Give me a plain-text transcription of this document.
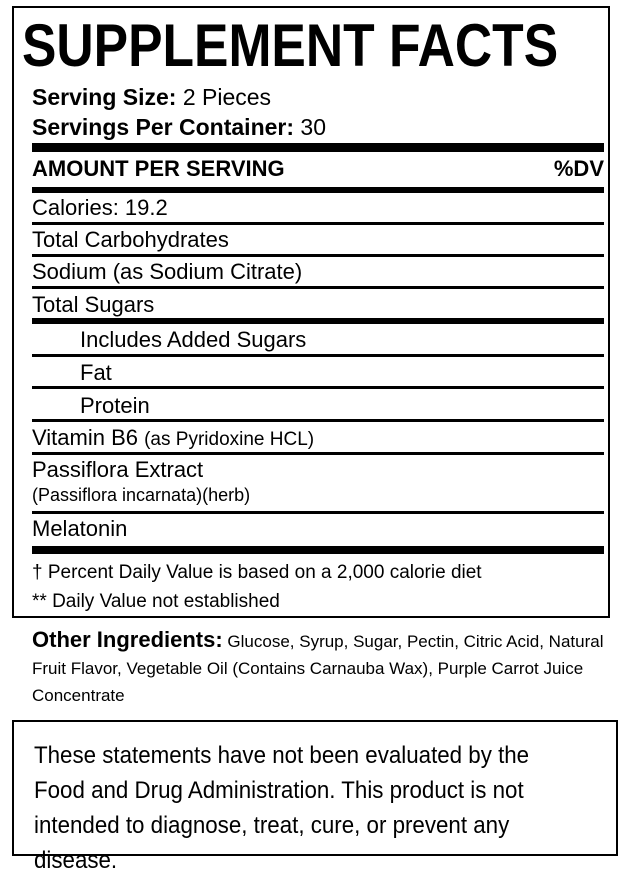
SUPPLEMENT FACTS
Serving Size: 2 Pieces
Servings Per Container: 30
AMOUNT PER SERVING	%DV
Calories: 19.2
Total Carbohydrates
Sodium (as Sodium Citrate)
Total Sugars
Includes Added Sugars
Fat
Protein
Vitamin B6 (as Pyridoxine HCL)
Passiflora Extract
(Passiflora incarnata)(herb)
Melatonin
† Percent Daily Value is based on a 2,000 calorie diet
** Daily Value not established
Other Ingredients: Glucose, Syrup, Sugar, Pectin, Citric Acid, Natural Fruit Flavor, Vegetable Oil (Contains Carnauba Wax), Purple Carrot Juice Concentrate
These statements have not been evaluated by the Food and Drug Administration. This product is not intended to diagnose, treat, cure, or prevent any disease.
